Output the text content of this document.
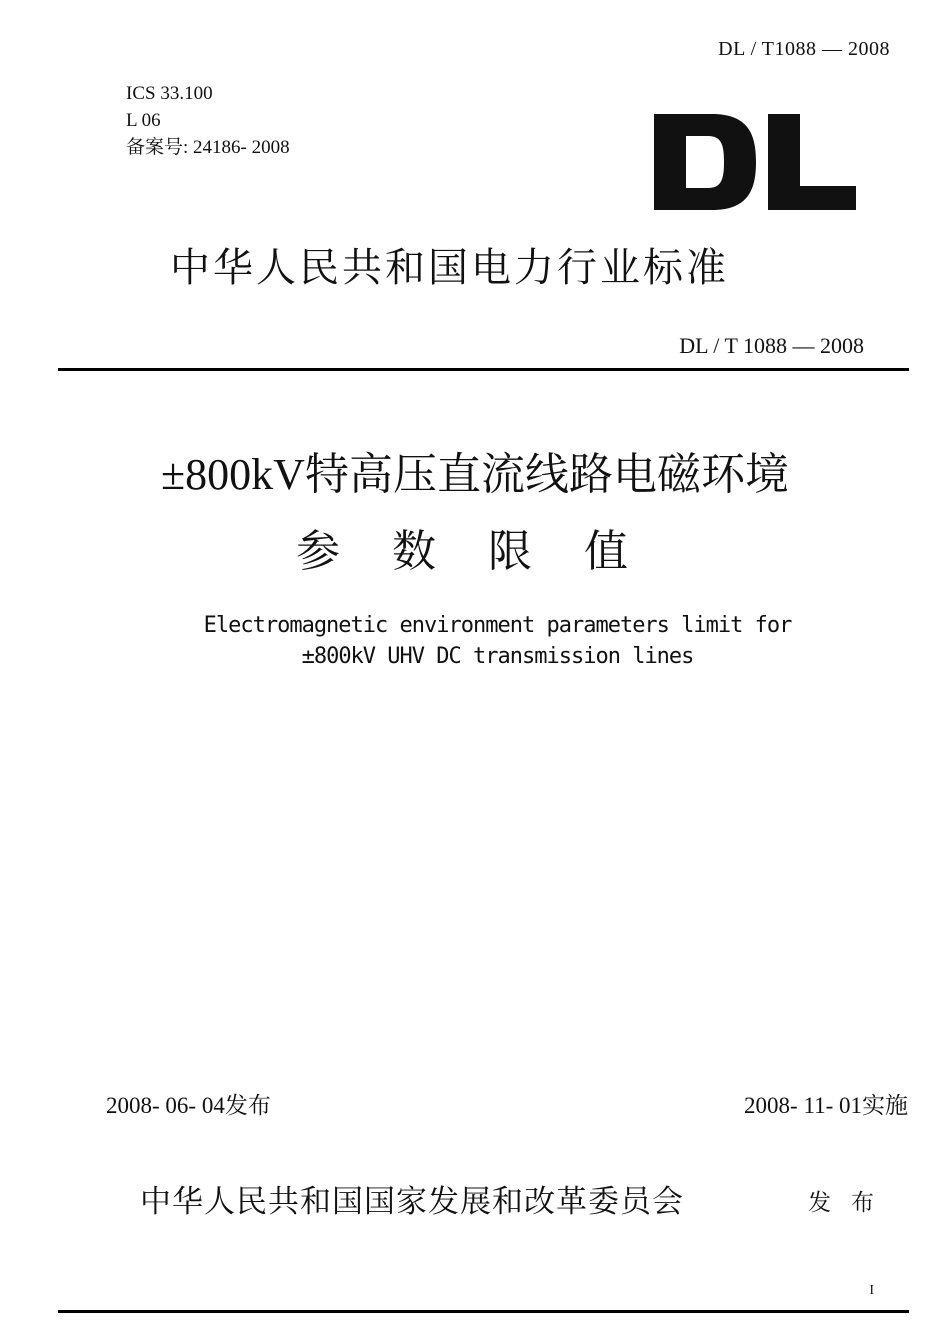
DL / T1088 — 2008
ICS 33.100
L 06
备案号: 24186- 2008
中华人民共和国电力行业标准
DL / T 1088 — 2008
±800kV特高压直流线路电磁环境
参数限值
Electromagnetic environment parameters limit for
±800kV UHV DC transmission lines
2008- 06- 04发布	2008- 11- 01实施
中华人民共和国国家发展和改革委员会	发布
I
